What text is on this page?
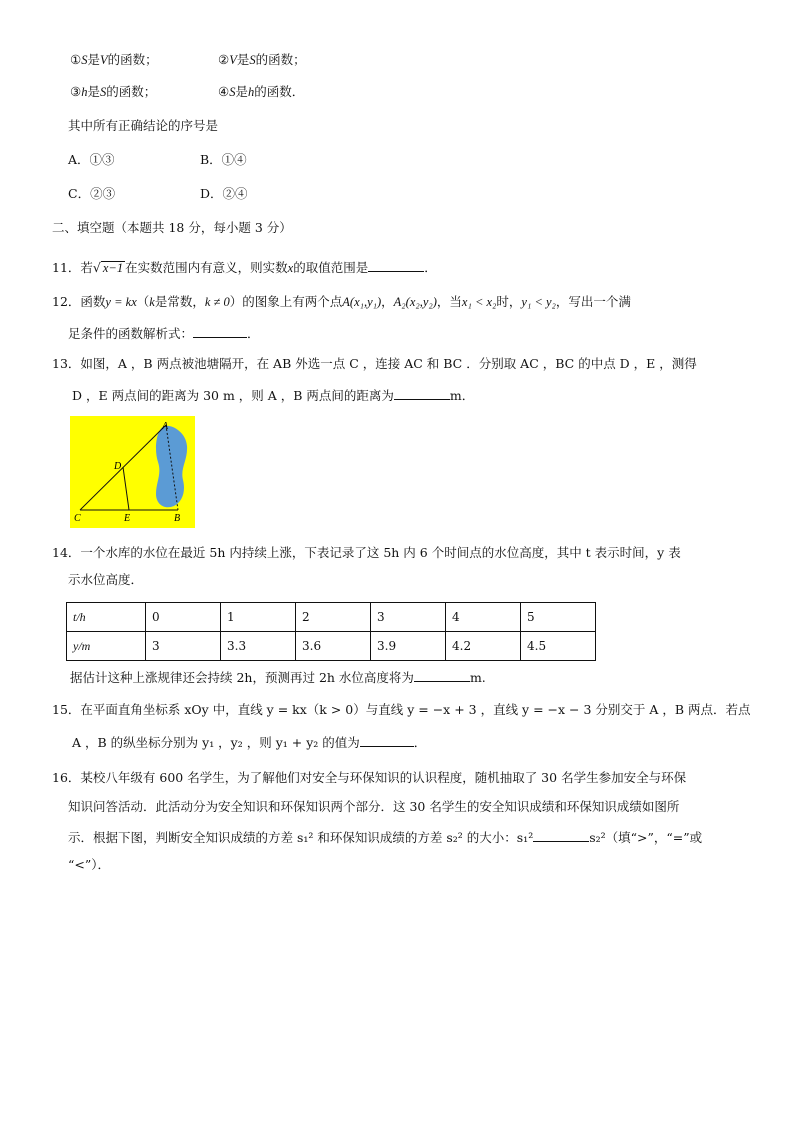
①S是V的函数；	②V是S的函数；
③h是S的函数；	④S是h的函数．
其中所有正确结论的序号是
A．①③	B．①④
C．②③	D．②④
二、填空题（本题共 18 分，每小题 3 分）
11．若√ x−1 在实数范围内有意义，则实数x的取值范围是	．
12．函数y = kx（k是常数，k ≠ 0）的图象上有两个点A(x₁,y₁)，A₂(x₂,y₂)，当x₁ < x₂时，y₁ < y₂，写出一个满
足条件的函数解析式：	．
13．如图，A ，B 两点被池塘隔开，在 AB 外选一点 C ，连接 AC 和 BC ．分别取 AC ，BC 的中点 D ，E ，测得
D ，E 两点间的距离为 30 m ，则 A ，B 两点间的距离为	m．
A
B
C
D
E
14．一个水库的水位在最近 5h 内持续上涨，下表记录了这 5h 内 6 个时间点的水位高度，其中 t 表示时间，y 表
示水位高度．
t/h	0	1	2	3	4	5
y/m	3	3.3	3.6	3.9	4.2	4.5
据估计这种上涨规律还会持续 2h，预测再过 2h 水位高度将为	m.
15．在平面直角坐标系 xOy 中，直线 y = kx（k > 0）与直线 y = −x + 3 ，直线 y = −x − 3 分别交于 A ，B 两点．若点
A ，B 的纵坐标分别为 y₁ ，y₂ ，则 y₁ + y₂ 的值为	．
16．某校八年级有 600 名学生，为了解他们对安全与环保知识的认识程度，随机抽取了 30 名学生参加安全与环保
知识问答活动．此活动分为安全知识和环保知识两个部分．这 30 名学生的安全知识成绩和环保知识成绩如图所
示．根据下图，判断安全知识成绩的方差 s₁² 和环保知识成绩的方差 s₂² 的大小：s₁²	s₂²（填“>”，“=”或
“<”）．
